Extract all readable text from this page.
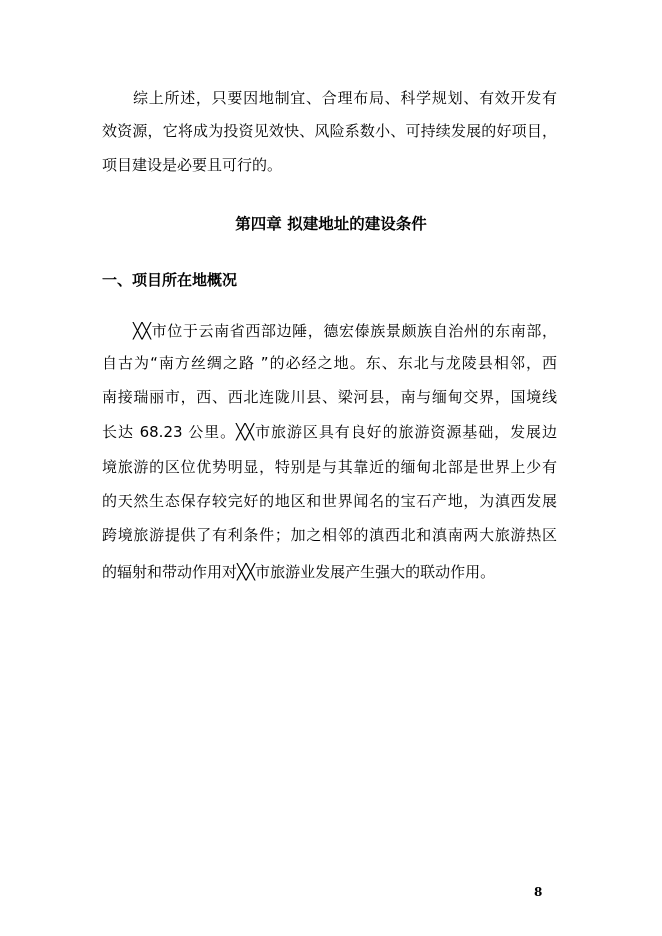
综上所述，只要因地制宜、合理布局、科学规划、有效开发有
效资源，它将成为投资见效快、风险系数小、可持续发展的好项目，
项目建设是必要且可行的。
第四章 拟建地址的建设条件
一、项目所在地概况
╳╳市位于云南省西部边陲，德宏傣族景颇族自治州的东南部，
自古为“南方丝绸之路 ”的必经之地。东、东北与龙陵县相邻，西
南接瑞丽市，西、西北连陇川县、梁河县，南与缅甸交界，国境线
长达 68.23 公里。╳╳市旅游区具有良好的旅游资源基础，发展边
境旅游的区位优势明显，特别是与其靠近的缅甸北部是世界上少有
的天然生态保存较完好的地区和世界闻名的宝石产地，为滇西发展
跨境旅游提供了有利条件；加之相邻的滇西北和滇南两大旅游热区
的辐射和带动作用对╳╳市旅游业发展产生强大的联动作用。
8
